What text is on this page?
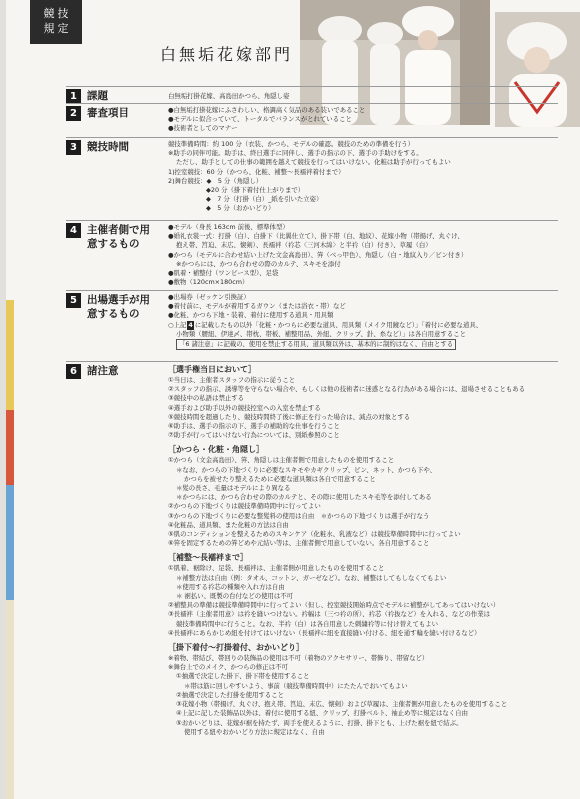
競技
規定
白無垢花嫁部門
1 課題	白無垢打掛花嫁、高島田かつら、角隠し姿

2 審査項目	●白無垢打掛花嫁にふさわしい、格調高く気品のある装いであること

●モデルに似合っていて、トータルでバランスがとれていること

●技術者としてのマナー

3 競技時間	競技準備時間：約 100 分（衣装、かつら、モデルの確認。競技のための準備を行う）

※助手の同伴可能。助手は、終日選手に同伴し、選手の指示の下、選手の手助けをする。

ただし、助手としての仕事の範囲を越えて競技を行ってはいけない。化粧は助手が行ってもよい

1)控室競技：60 分（かつら、化粧、補整～長襦袢着付まで）

2)舞台競技：◆　5 分（角隠し）

◆20 分（掛下着付仕上がりまで）

◆　7 分（打掛（白）_紙を引いた立姿）

◆　5 分（おかいどり）

4 主催者側で用意するもの

●モデル（身長 163cm 前後、標準体型）

●婚礼衣裳一式：打掛（白）、白掛下（比翼仕立て）、掛下帯（白、地紋）、花嫁小物（帯揚げ、丸ぐけ、

抱え帯、筥迫、末広、懐剣）、長襦袢（衿芯〈三河木綿〉と半衿（白）付き）、草履（白）

●かつら（モデルに合わせ結い上げた文金高島田）、笄（べっ甲色）、角隠し（白・地紋入り／ピン付き）

※かつらには、かつら合わせの際のカルテ、スキモを添付

●肌着・補整付（ワンピース型）、足袋

●敷物（120cm×180cm）

5 出場選手が用意するもの

●出場券（ゼッケン引換証）

●着付前に、モデルが着用するガウン（または浴衣・帯）など

●化粧、かつら下地・装着、着付に使用する道具・用具類

○上記 4 に記載したもの以外「化粧・かつらに必要な道具、用具類（メイク用鏡など）」「着付に必要な道具、

小物類（腰紐、伊達〆、帯枕、帯板、補整用品、外紐、クリップ、針、糸など）」は各自用意すること

「6 諸注意」に記載の、使用を禁止する用具、道具類以外は、基本的に制約はなく、自由とする

6 諸注意	［選手権当日において］

①当日は、主催者スタッフの指示に従うこと

②スタッフの指示、誘導等を守らない場合や、もしくは他の技術者に迷惑となる行為がある場合には、退場させることもある

③競技中の私語は禁止する

④選手および助手以外の競技控室への入室を禁止する

⑤競技時間を超過したり、競技時間終了後に修正を行った場合は、減点の対象とする

⑥助手は、選手の指示の下、選手の補助的な仕事を行うこと

⑦助手が行ってはいけない行為については、別紙参照のこと

［かつら・化粧・角隠し］

①かつら（文金高島田）、笄、角隠しは主催者側で用意したものを使用すること

＊なお、かつらの下地づくりに必要なスキモやカギクリップ、ピン、ネット、かつら下や、

かつらを被せたり整えるために必要な道具類は各自で用意すること

＊髪の長さ、毛量はモデルにより異なる

＊かつらには、かつら合わせの際のカルテと、その際に使用したスキ毛等を添付してある

②かつらの下地づくりは競技準備時間中に行ってよい

③かつらの下地づくりに必要な整髪料の使用は自由　＊かつらの下地づくりは選手が行なう

④化粧品、道具類、また化粧の方法は自由

⑤肌のコンディションを整えるためのスキンケア（化粧水、乳液など）は競技準備時間中に行ってよい

⑥笄を固定するための笄どめや元結い等は、主催者側で用意していない。各自用意すること

［補整～長襦袢まで］

①肌着、裾除け、足袋、長襦袢は、主催者側が用意したものを使用すること

＊補整方法は自由（例：タオル、コットン、ガーゼなど）。なお、補整はしてもしなくてもよい

＊使用する衿芯の種類や入れ方は自由

＊ 裾払い、既製の台付などの使用は不可

②補整具の準備は競技準備時間中に行ってよい（但し、控室競技開始時点でモデルに補整がしてあってはいけない）

③長襦袢（主催者用意）は衿を縫いつけない。衿幅は（三つ衿の所）、衿芯（衿抜など）を入れる、などの作業は

競技準備時間中に行うこと。なお、半衿（白）は各自用意した刺繍衿等に付け替えてもよい

④長襦袢にあらかじめ紐を付けてはいけない（長襦袢に紐を直接縫い付ける、紐を通す輪を縫い付けるなど）

［掛下着付～打掛着付、おかいどり］

※着物、帯結び、帯回りの装飾品の使用は不可（着物のアクセサリー、帯飾り、帯留など）

※舞台上でのメイク、かつらの修正は不可

①抽選で決定した掛下、掛下帯を使用すること

＊帯は筋に回しやすいよう、事前（競技準備時間中）にたたんでおいてもよい

②抽選で決定した打掛を使用すること

③花嫁小物（帯揚げ、丸ぐけ、抱え帯、筥迫、末広、懐剣）および草履は、主催者側が用意したものを使用すること

④上記に記した装飾品以外は、着付に使用する紐、クリップ、打掛ベルト、袖止め等に規定はなく自由

⑤おかいどりは、花嫁が裾を持たず、両手を使えるように、打掛、掛下とも、上げた裾を紐で結ぶ。

使用する紐やおかいどり方法に規定はなく、自由
